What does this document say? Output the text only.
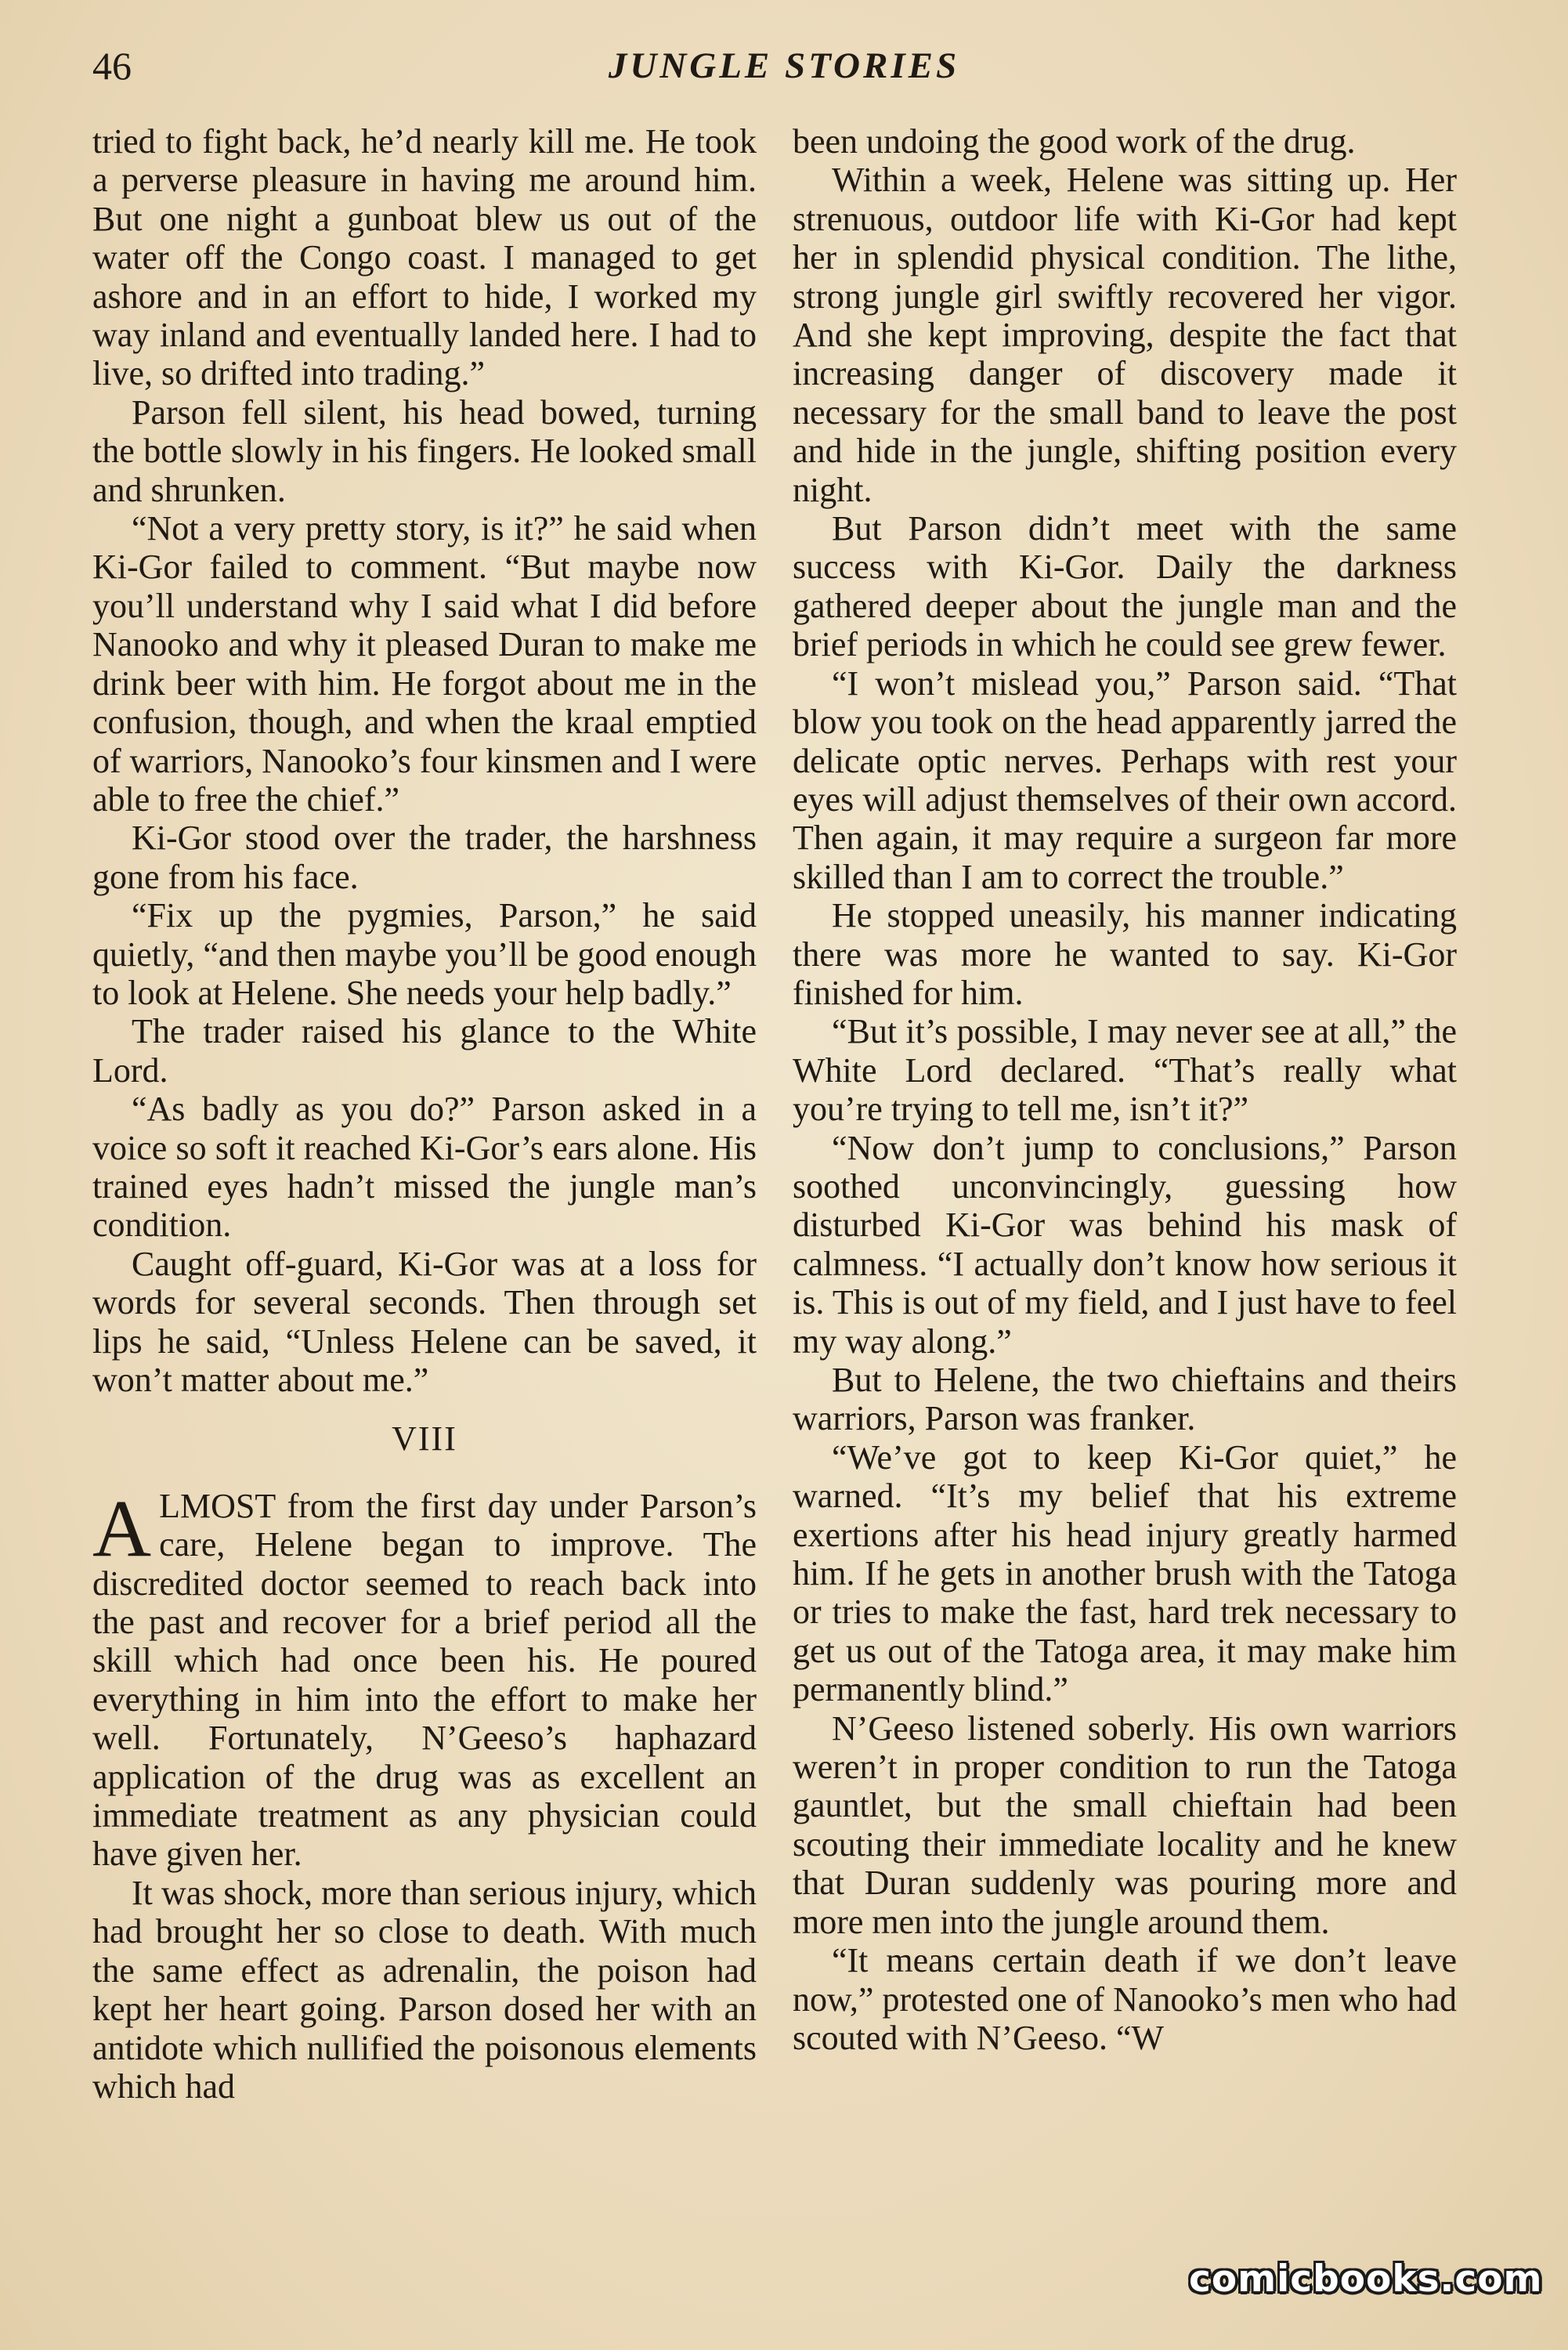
46	JUNGLE STORIES

tried to fight back, he’d nearly kill me. He took a perverse pleasure in having me around him. But one night a gunboat blew us out of the water off the Congo coast. I managed to get ashore and in an effort to hide, I worked my way inland and eventually landed here. I had to live, so drifted into trading.”

Parson fell silent, his head bowed, turning the bottle slowly in his fingers. He looked small and shrunken.

“Not a very pretty story, is it?” he said when Ki-Gor failed to comment. “But maybe now you’ll understand why I said what I did before Nanooko and why it pleased Duran to make me drink beer with him. He forgot about me in the confusion, though, and when the kraal emptied of warriors, Nanooko’s four kinsmen and I were able to free the chief.”

Ki-Gor stood over the trader, the harshness gone from his face.

“Fix up the pygmies, Parson,” he said quietly, “and then maybe you’ll be good enough to look at Helene. She needs your help badly.”

The trader raised his glance to the White Lord.

“As badly as you do?” Parson asked in a voice so soft it reached Ki-Gor’s ears alone. His trained eyes hadn’t missed the jungle man’s condition.

Caught off-guard, Ki-Gor was at a loss for words for several seconds. Then through set lips he said, “Unless Helene can be saved, it won’t matter about me.”

VIII

ALMOST from the first day under Parson’s care, Helene began to improve. The discredited doctor seemed to reach back into the past and recover for a brief period all the skill which had once been his. He poured everything in him into the effort to make her well. Fortunately, N’Geeso’s haphazard application of the drug was as excellent an immediate treatment as any physician could have given her.

It was shock, more than serious injury, which had brought her so close to death. With much the same effect as adrenalin, the poison had kept her heart going. Parson dosed her with an antidote which nullified the poisonous elements which had

been undoing the good work of the drug.

Within a week, Helene was sitting up. Her strenuous, outdoor life with Ki-Gor had kept her in splendid physical condition. The lithe, strong jungle girl swiftly recovered her vigor. And she kept improving, despite the fact that increasing danger of discovery made it necessary for the small band to leave the post and hide in the jungle, shifting position every night.

But Parson didn’t meet with the same success with Ki-Gor. Daily the darkness gathered deeper about the jungle man and the brief periods in which he could see grew fewer.

“I won’t mislead you,” Parson said. “That blow you took on the head apparently jarred the delicate optic nerves. Perhaps with rest your eyes will adjust themselves of their own accord. Then again, it may require a surgeon far more skilled than I am to correct the trouble.”

He stopped uneasily, his manner indicating there was more he wanted to say. Ki-Gor finished for him.

“But it’s possible, I may never see at all,” the White Lord declared. “That’s really what you’re trying to tell me, isn’t it?”

“Now don’t jump to conclusions,” Parson soothed unconvincingly, guessing how disturbed Ki-Gor was behind his mask of calmness. “I actually don’t know how serious it is. This is out of my field, and I just have to feel my way along.”

But to Helene, the two chieftains and theirs warriors, Parson was franker.

“We’ve got to keep Ki-Gor quiet,” he warned. “It’s my belief that his extreme exertions after his head injury greatly harmed him. If he gets in another brush with the Tatoga or tries to make the fast, hard trek necessary to get us out of the Tatoga area, it may make him permanently blind.”

N’Geeso listened soberly. His own warriors weren’t in proper condition to run the Tatoga gauntlet, but the small chieftain had been scouting their immediate locality and he knew that Duran suddenly was pouring more and more men into the jungle around them.

“It means certain death if we don’t leave now,” protested one of Nanooko’s men who had scouted with N’Geeso. “W

comicbooks.com
